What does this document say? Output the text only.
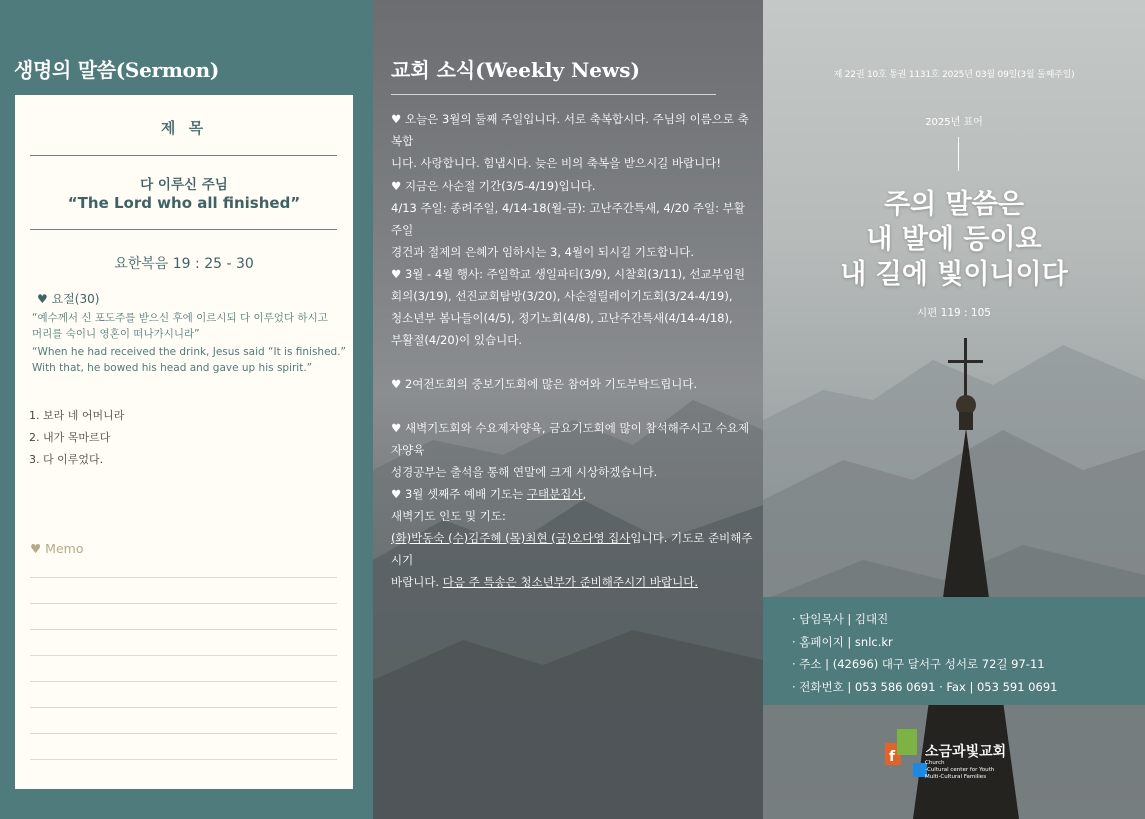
생명의 말씀(Sermon)
제 목
다 이루신 주님
“The Lord who all finished”
요한복음 19 : 25 - 30
♥ 요절(30)
“예수께서 신 포도주를 받으신 후에 이르시되 다 이루었다 하시고
머리를 숙이니 영혼이 떠나가시니라”
“When he had received the drink, Jesus said “It is finished.”
With that, he bowed his head and gave up his spirit.”
1. 보라 네 어머니라
2. 내가 목마르다
3. 다 이루었다.
♥ Memo
교회 소식(Weekly News)
♥ 오늘은 3월의 둘째 주일입니다. 서로 축복합시다. 주님의 이름으로 축복합
니다. 사랑합니다. 힘냅시다. 늦은 비의 축복을 받으시길 바랍니다!
♥ 지금은 사순절 기간(3/5-4/19)입니다.
4/13 주일: 종려주일, 4/14-18(월-금): 고난주간특새, 4/20 주일: 부활주일
경건과 절제의 은혜가 임하시는 3, 4월이 되시길 기도합니다.
♥ 3월 - 4월 행사: 주일학교 생일파티(3/9), 시찰회(3/11), 선교부임원
회의(3/19), 선진교회탐방(3/20), 사순절릴레이기도회(3/24-4/19),
청소년부 봄나들이(4/5), 정기노회(4/8), 고난주간특새(4/14-4/18),
부활절(4/20)이 있습니다.
♥ 2여전도회의 중보기도회에 많은 참여와 기도부탁드립니다.
♥ 새벽기도회와 수요제자양육, 금요기도회에 많이 참석해주시고 수요제자양육
성경공부는 출석을 통해 연말에 크게 시상하겠습니다.
♥ 3월 셋째주 예배 기도는 구태분집사,
새벽기도 인도 및 기도:
(화)박동숙 (수)김주혜 (목)최현 (금)오다영 집사입니다. 기도로 준비해주시기
바랍니다. 다음 주 특송은 청소년부가 준비해주시기 바랍니다.
제 22권 10호 통권 1131호 2025년 03월 09일(3월 둘째주일)
2025년 표어
주의 말씀은
내 발에 등이요
내 길에 빛이니이다
시편 119 : 105
· 담임목사 | 김대진
· 홈페이지 | snlc.kr
· 주소 | (42696) 대구 달서구 성서로 72길 97-11
· 전화번호 | 053 586 0691 · Fax | 053 591 0691
f 소금과빛교회
Church
-Cultural center for Youth
Multi-Cultural Families
